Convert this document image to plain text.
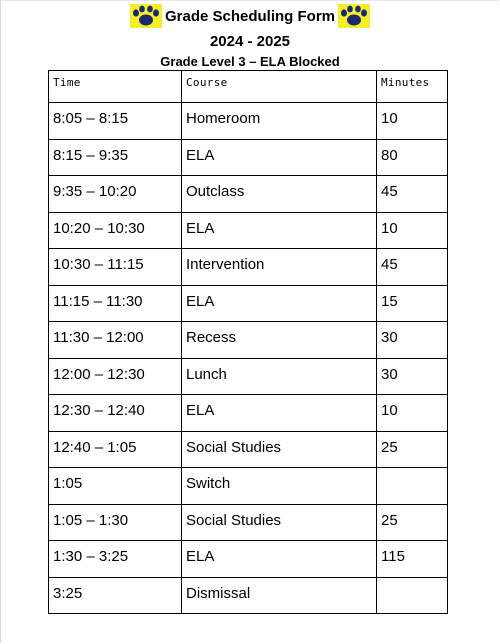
Grade Scheduling Form
2024 - 2025
Grade Level 3 – ELA Blocked
Time	Course	Minutes
8:05 – 8:15	Homeroom	10
8:15 – 9:35	ELA	80
9:35 – 10:20	Outclass	45
10:20 – 10:30	ELA	10
10:30 – 11:15	Intervention	45
11:15 – 11:30	ELA	15
11:30 – 12:00	Recess	30
12:00 – 12:30	Lunch	30
12:30 – 12:40	ELA	10
12:40 – 1:05	Social Studies	25
1:05	Switch	
1:05 – 1:30	Social Studies	25
1:30 – 3:25	ELA	115
3:25	Dismissal	
